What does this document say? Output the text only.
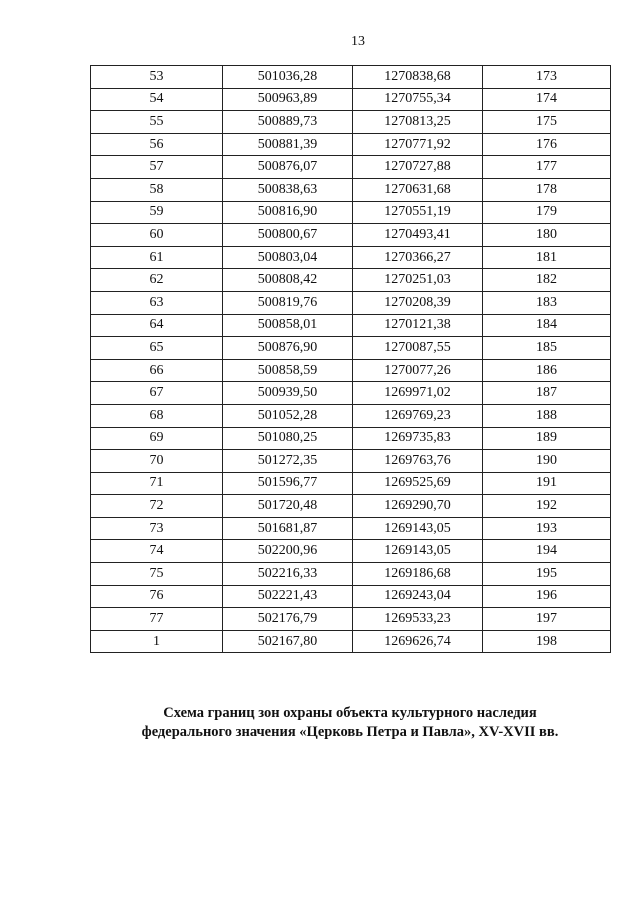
13
53	501036,28	1270838,68	173
54	500963,89	1270755,34	174
55	500889,73	1270813,25	175
56	500881,39	1270771,92	176
57	500876,07	1270727,88	177
58	500838,63	1270631,68	178
59	500816,90	1270551,19	179
60	500800,67	1270493,41	180
61	500803,04	1270366,27	181
62	500808,42	1270251,03	182
63	500819,76	1270208,39	183
64	500858,01	1270121,38	184
65	500876,90	1270087,55	185
66	500858,59	1270077,26	186
67	500939,50	1269971,02	187
68	501052,28	1269769,23	188
69	501080,25	1269735,83	189
70	501272,35	1269763,76	190
71	501596,77	1269525,69	191
72	501720,48	1269290,70	192
73	501681,87	1269143,05	193
74	502200,96	1269143,05	194
75	502216,33	1269186,68	195
76	502221,43	1269243,04	196
77	502176,79	1269533,23	197
1	502167,80	1269626,74	198
Схема границ зон охраны объекта культурного наследия
федерального значения «Церковь Петра и Павла», XV-XVII вв.
